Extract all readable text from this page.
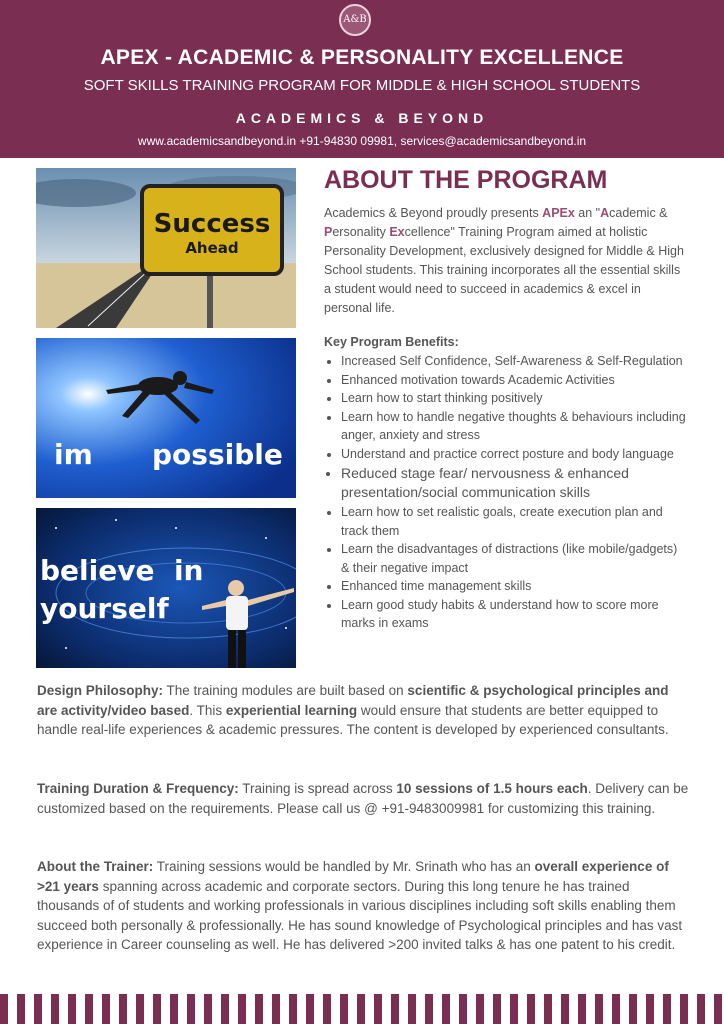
A&B
APEX - ACADEMIC & PERSONALITY EXCELLENCE
SOFT SKILLS TRAINING PROGRAM FOR MIDDLE & HIGH SCHOOL STUDENTS
ACADEMICS & BEYOND
www.academicsandbeyond.in +91-94830 09981, services@academicsandbeyond.in
Success
Ahead
im possible
believe  in
yourself
ABOUT THE PROGRAM
Academics & Beyond proudly presents APEx an "Academic & Personality Excellence" Training Program aimed at holistic Personality Development, exclusively designed for Middle & High School students. This training incorporates all the essential skills a student would need to succeed in academics & excel in personal life.
Key Program Benefits:
• Increased Self Confidence, Self-Awareness & Self-Regulation
• Enhanced motivation towards Academic Activities
• Learn how to start thinking positively
• Learn how to handle negative thoughts & behaviours including anger, anxiety and stress
• Understand and practice correct posture and body language
• Reduced stage fear/ nervousness & enhanced presentation/social communication skills
• Learn how to set realistic goals, create execution plan and track them
• Learn the disadvantages of distractions (like mobile/gadgets) & their negative impact
• Enhanced time management skills
• Learn good study habits & understand how to score more marks in exams

Design Philosophy: The training modules are built based on scientific & psychological principles and are activity/video based. This experiential learning would ensure that students are better equipped to handle real-life experiences & academic pressures. The content is developed by experienced consultants.

Training Duration & Frequency: Training is spread across 10 sessions of 1.5 hours each. Delivery can be customized based on the requirements. Please call us @ +91-9483009981 for customizing this training.

About the Trainer: Training sessions would be handled by Mr. Srinath who has an overall experience of >21 years spanning across academic and corporate sectors. During this long tenure he has trained thousands of of students and working professionals in various disciplines including soft skills enabling them succeed both personally & professionally. He has sound knowledge of Psychological principles and has vast experience in Career counseling as well. He has delivered >200 invited talks & has one patent to his credit.
